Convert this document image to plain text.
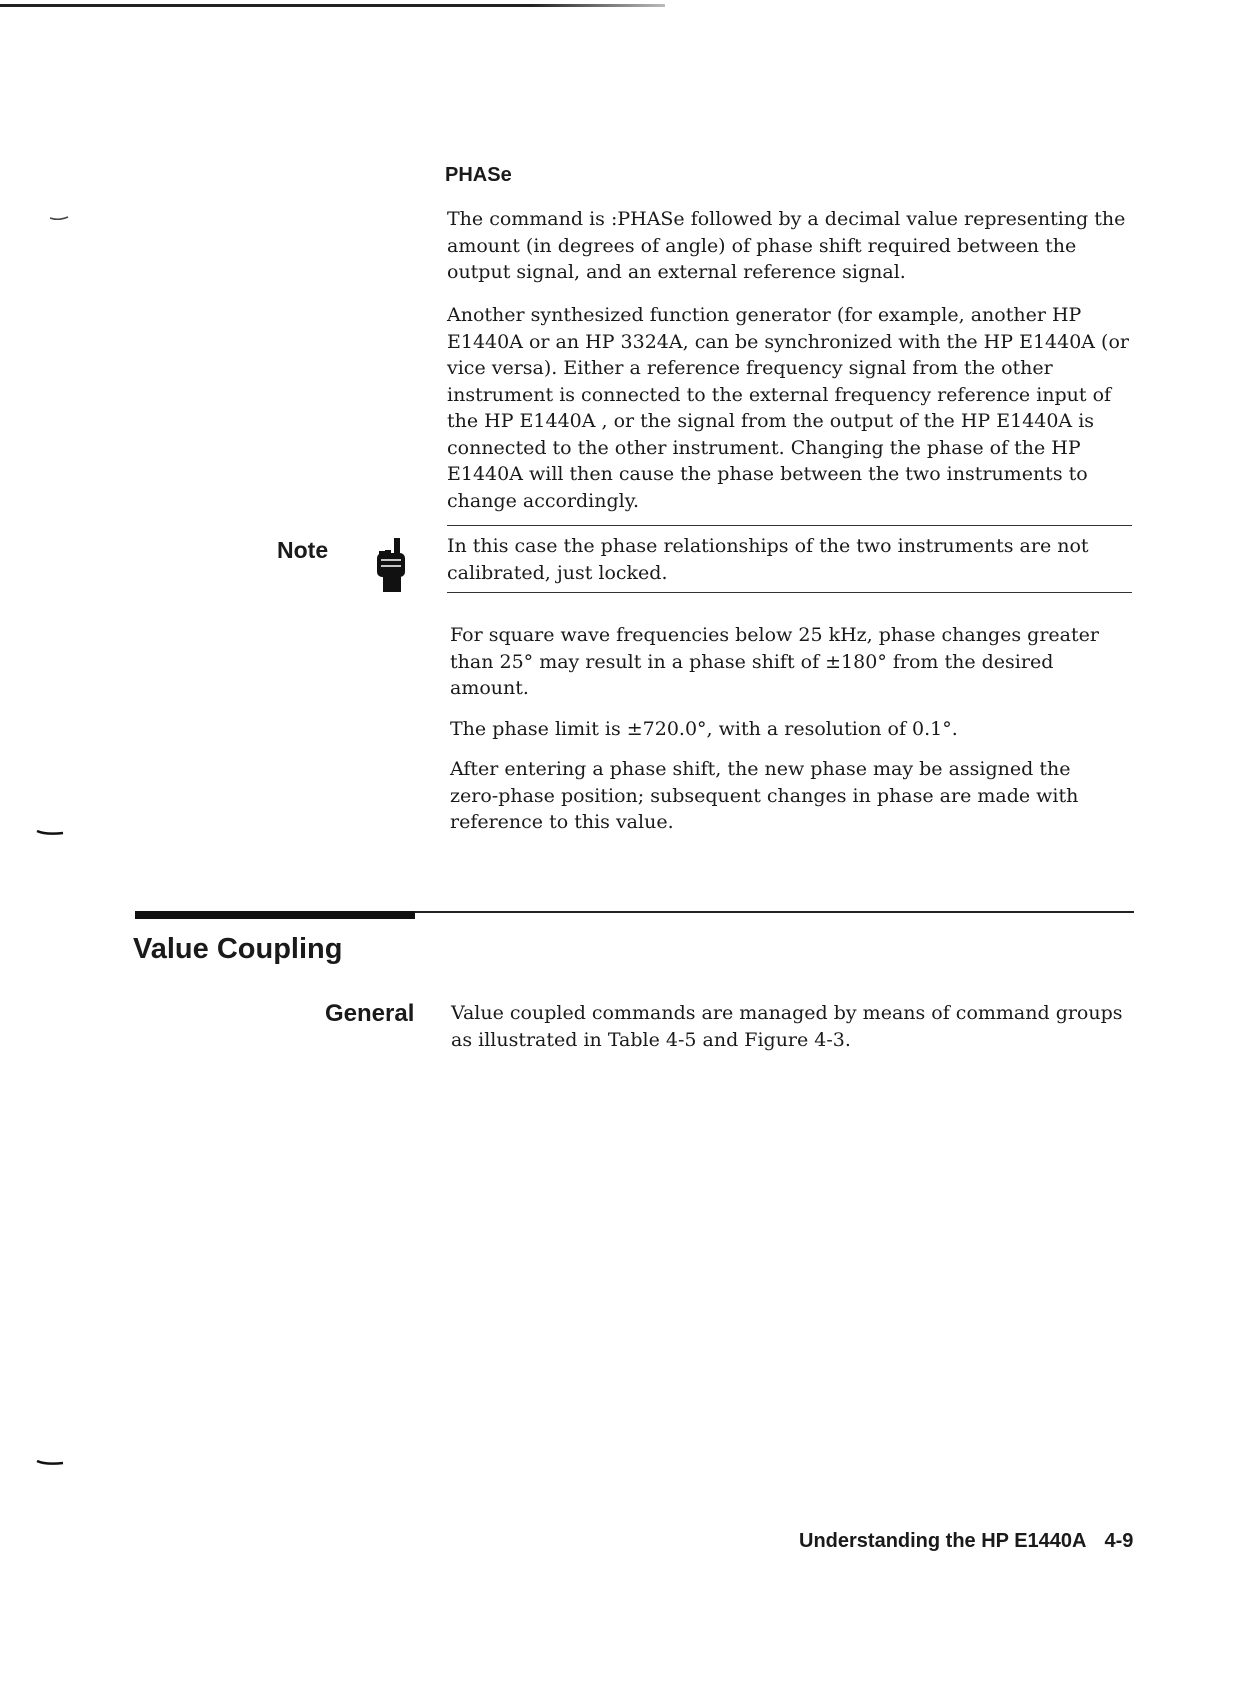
PHASe

The command is :PHASe followed by a decimal value representing the amount (in degrees of angle) of phase shift required between the output signal, and an external reference signal.

Another synthesized function generator (for example, another HP E1440A or an HP 3324A, can be synchronized with the HP E1440A (or vice versa). Either a reference frequency signal from the other instrument is connected to the external frequency reference input of the HP E1440A , or the signal from the output of the HP E1440A is connected to the other instrument. Changing the phase of the HP E1440A will then cause the phase between the two instruments to change accordingly.

Note	In this case the phase relationships of the two instruments are not calibrated, just locked.

For square wave frequencies below 25 kHz, phase changes greater than 25° may result in a phase shift of ±180° from the desired amount.

The phase limit is ±720.0°, with a resolution of 0.1°.

After entering a phase shift, the new phase may be assigned the zero-phase position; subsequent changes in phase are made with reference to this value.

Value Coupling
General Value coupled commands are managed by means of command groups as illustrated in Table 4-5 and Figure 4-3.

Understanding the HP E1440A 4-9
